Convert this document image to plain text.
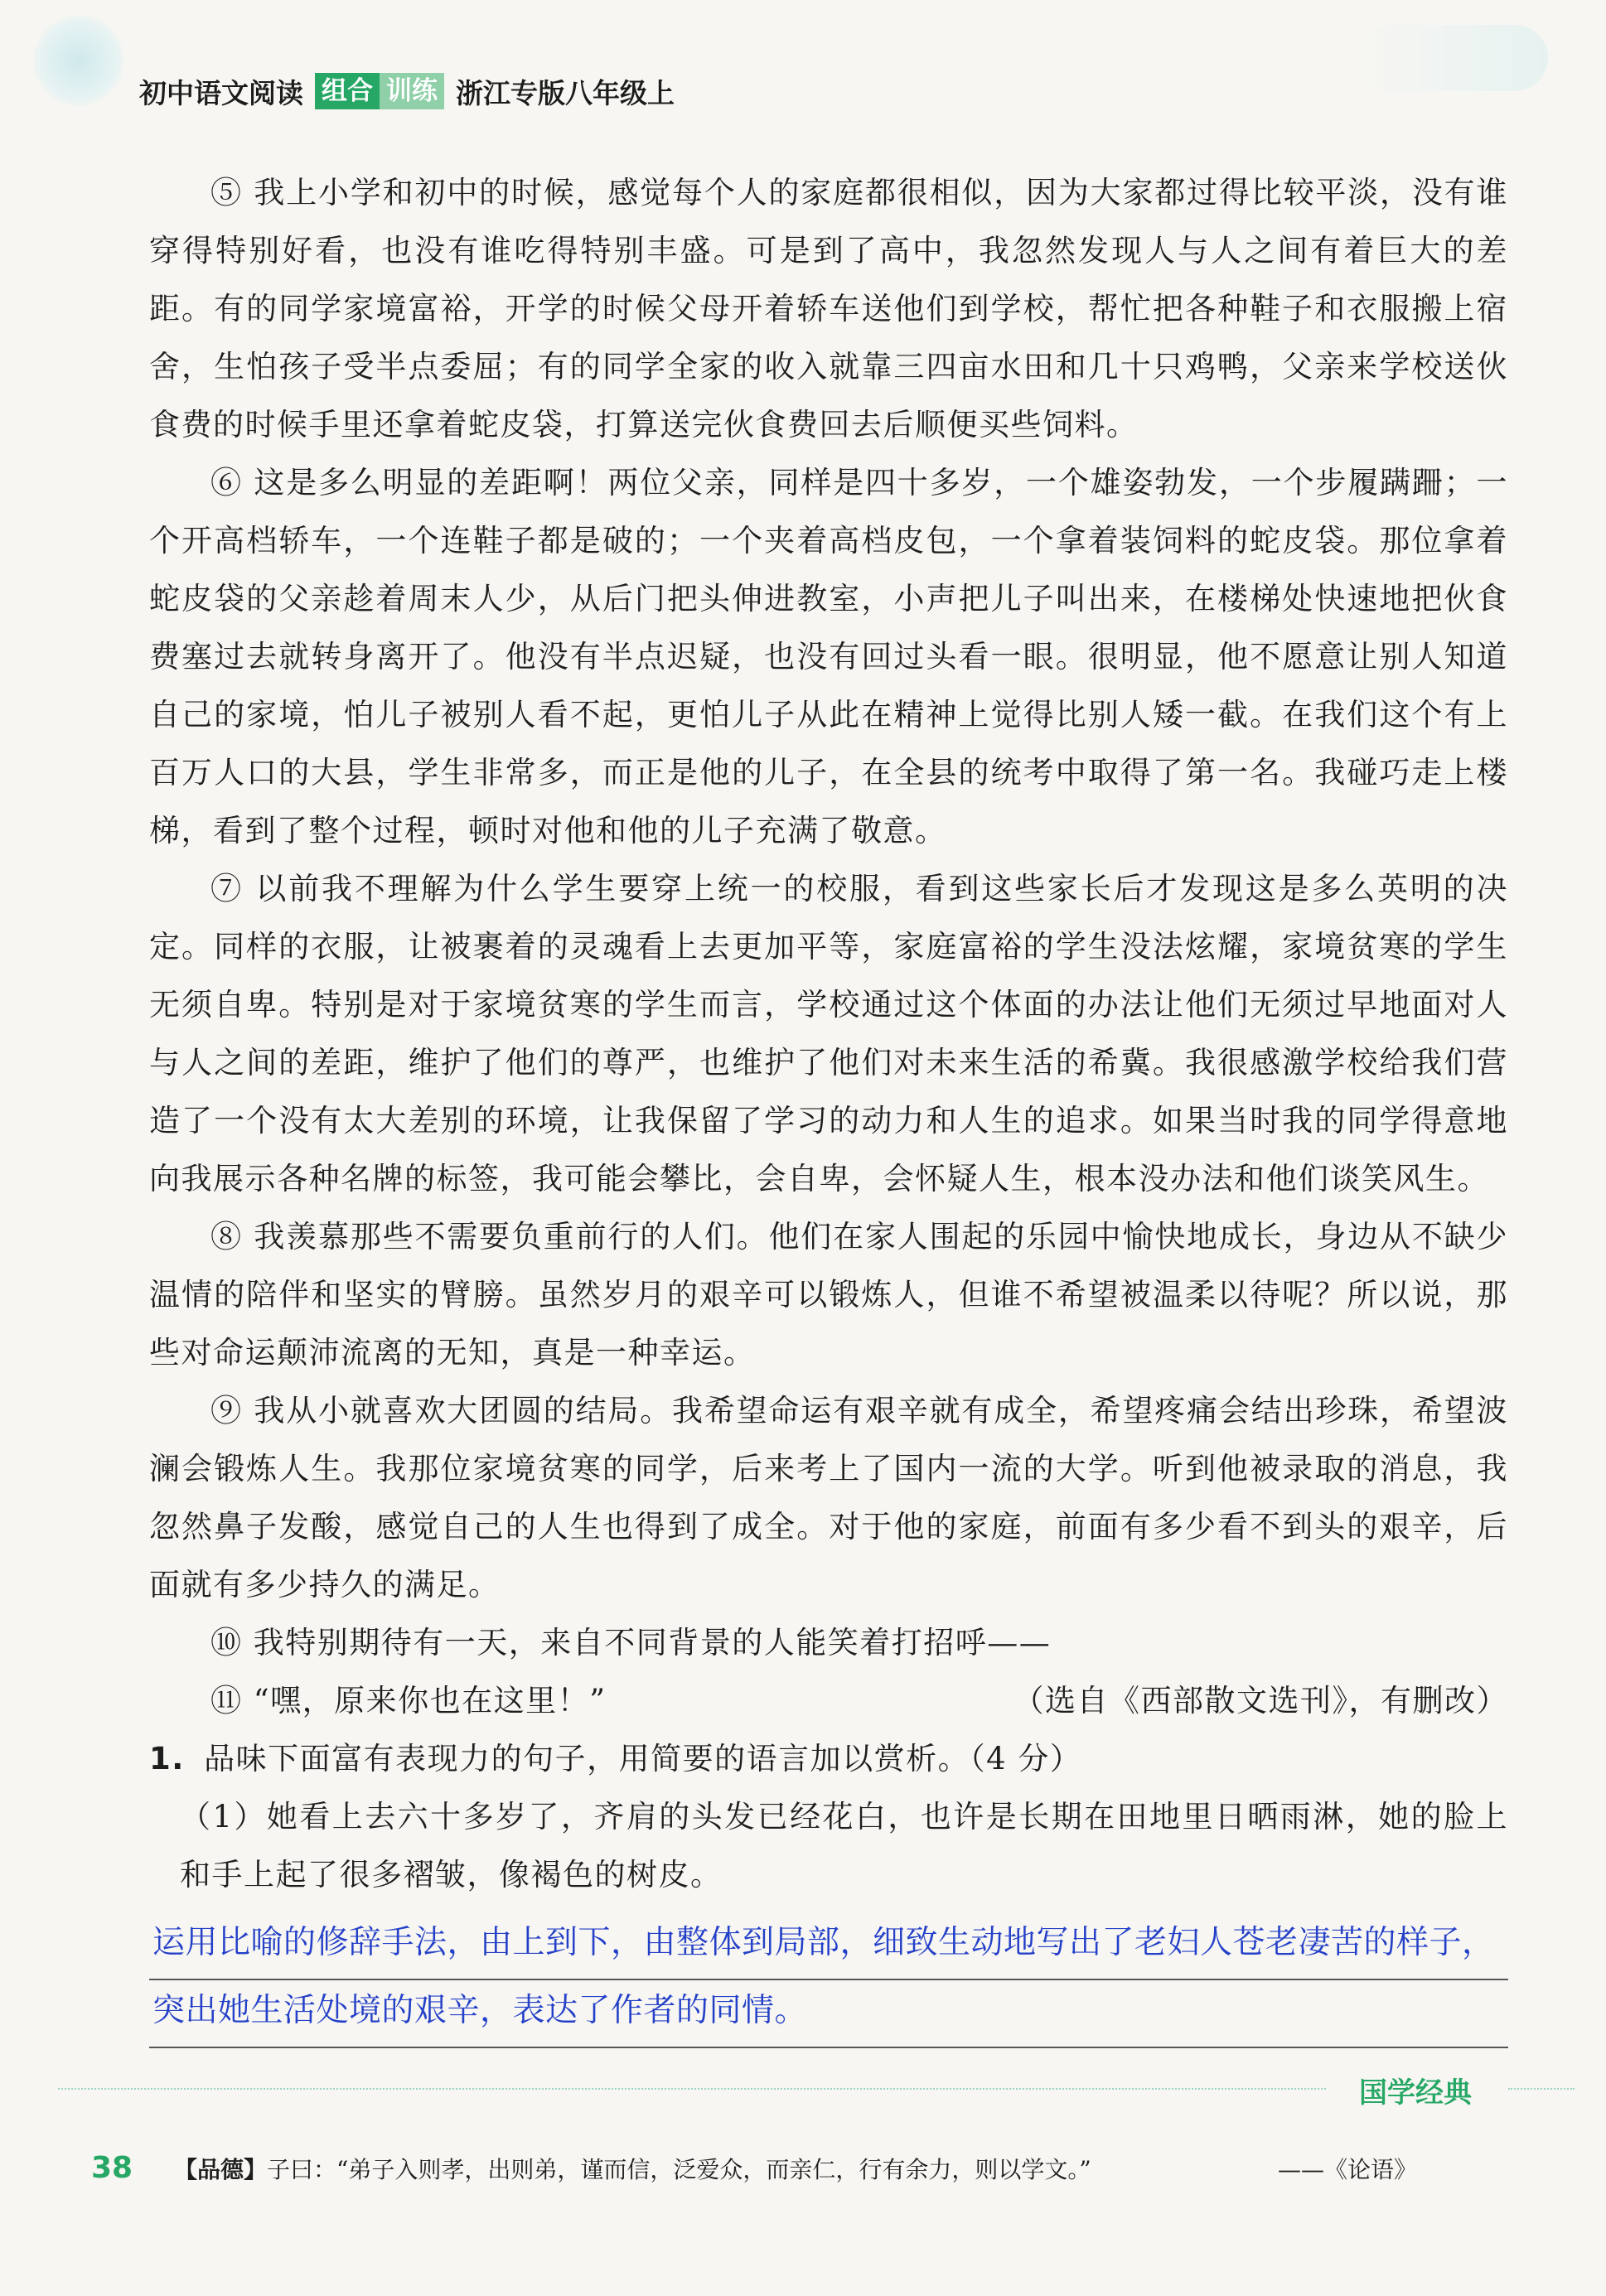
初中语文阅读 组合 训练 浙江专版八年级上

⑤ 我上小学和初中的时候，感觉每个人的家庭都很相似，因为大家都过得比较平淡，没有谁穿得特别好看，也没有谁吃得特别丰盛。可是到了高中，我忽然发现人与人之间有着巨大的差距。有的同学家境富裕，开学的时候父母开着轿车送他们到学校，帮忙把各种鞋子和衣服搬上宿舍，生怕孩子受半点委屈；有的同学全家的收入就靠三四亩水田和几十只鸡鸭，父亲来学校送伙食费的时候手里还拿着蛇皮袋，打算送完伙食费回去后顺便买些饲料。

⑥ 这是多么明显的差距啊！两位父亲，同样是四十多岁，一个雄姿勃发，一个步履蹒跚；一个开高档轿车，一个连鞋子都是破的；一个夹着高档皮包，一个拿着装饲料的蛇皮袋。那位拿着蛇皮袋的父亲趁着周末人少，从后门把头伸进教室，小声把儿子叫出来，在楼梯处快速地把伙食费塞过去就转身离开了。他没有半点迟疑，也没有回过头看一眼。很明显，他不愿意让别人知道自己的家境，怕儿子被别人看不起，更怕儿子从此在精神上觉得比别人矮一截。在我们这个有上百万人口的大县，学生非常多，而正是他的儿子，在全县的统考中取得了第一名。我碰巧走上楼梯，看到了整个过程，顿时对他和他的儿子充满了敬意。

⑦ 以前我不理解为什么学生要穿上统一的校服，看到这些家长后才发现这是多么英明的决定。同样的衣服，让被裹着的灵魂看上去更加平等，家庭富裕的学生没法炫耀，家境贫寒的学生无须自卑。特别是对于家境贫寒的学生而言，学校通过这个体面的办法让他们无须过早地面对人与人之间的差距，维护了他们的尊严，也维护了他们对未来生活的希冀。我很感激学校给我们营造了一个没有太大差别的环境，让我保留了学习的动力和人生的追求。如果当时我的同学得意地向我展示各种名牌的标签，我可能会攀比，会自卑，会怀疑人生，根本没办法和他们谈笑风生。

⑧ 我羡慕那些不需要负重前行的人们。他们在家人围起的乐园中愉快地成长，身边从不缺少温情的陪伴和坚实的臂膀。虽然岁月的艰辛可以锻炼人，但谁不希望被温柔以待呢？所以说，那些对命运颠沛流离的无知，真是一种幸运。

⑨ 我从小就喜欢大团圆的结局。我希望命运有艰辛就有成全，希望疼痛会结出珍珠，希望波澜会锻炼人生。我那位家境贫寒的同学，后来考上了国内一流的大学。听到他被录取的消息，我忽然鼻子发酸，感觉自己的人生也得到了成全。对于他的家庭，前面有多少看不到头的艰辛，后面就有多少持久的满足。

⑩ 我特别期待有一天，来自不同背景的人能笑着打招呼——

⑪ “嘿，原来你也在这里！”	（选自《西部散文选刊》，有删改）
1. 品味下面富有表现力的句子，用简要的语言加以赏析。（4 分）

（1）她看上去六十多岁了，齐肩的头发已经花白，也许是长期在田地里日晒雨淋，她的脸上和手上起了很多褶皱，像褐色的树皮。

运用比喻的修辞手法，由上到下，由整体到局部，细致生动地写出了老妇人苍老凄苦的样子，
突出她生活处境的艰辛，表达了作者的同情。
国学经典
38	【品德】 子曰：“弟子入则孝，出则弟，谨而信，泛爱众，而亲仁，行有余力，则以学文。”	——《论语》
